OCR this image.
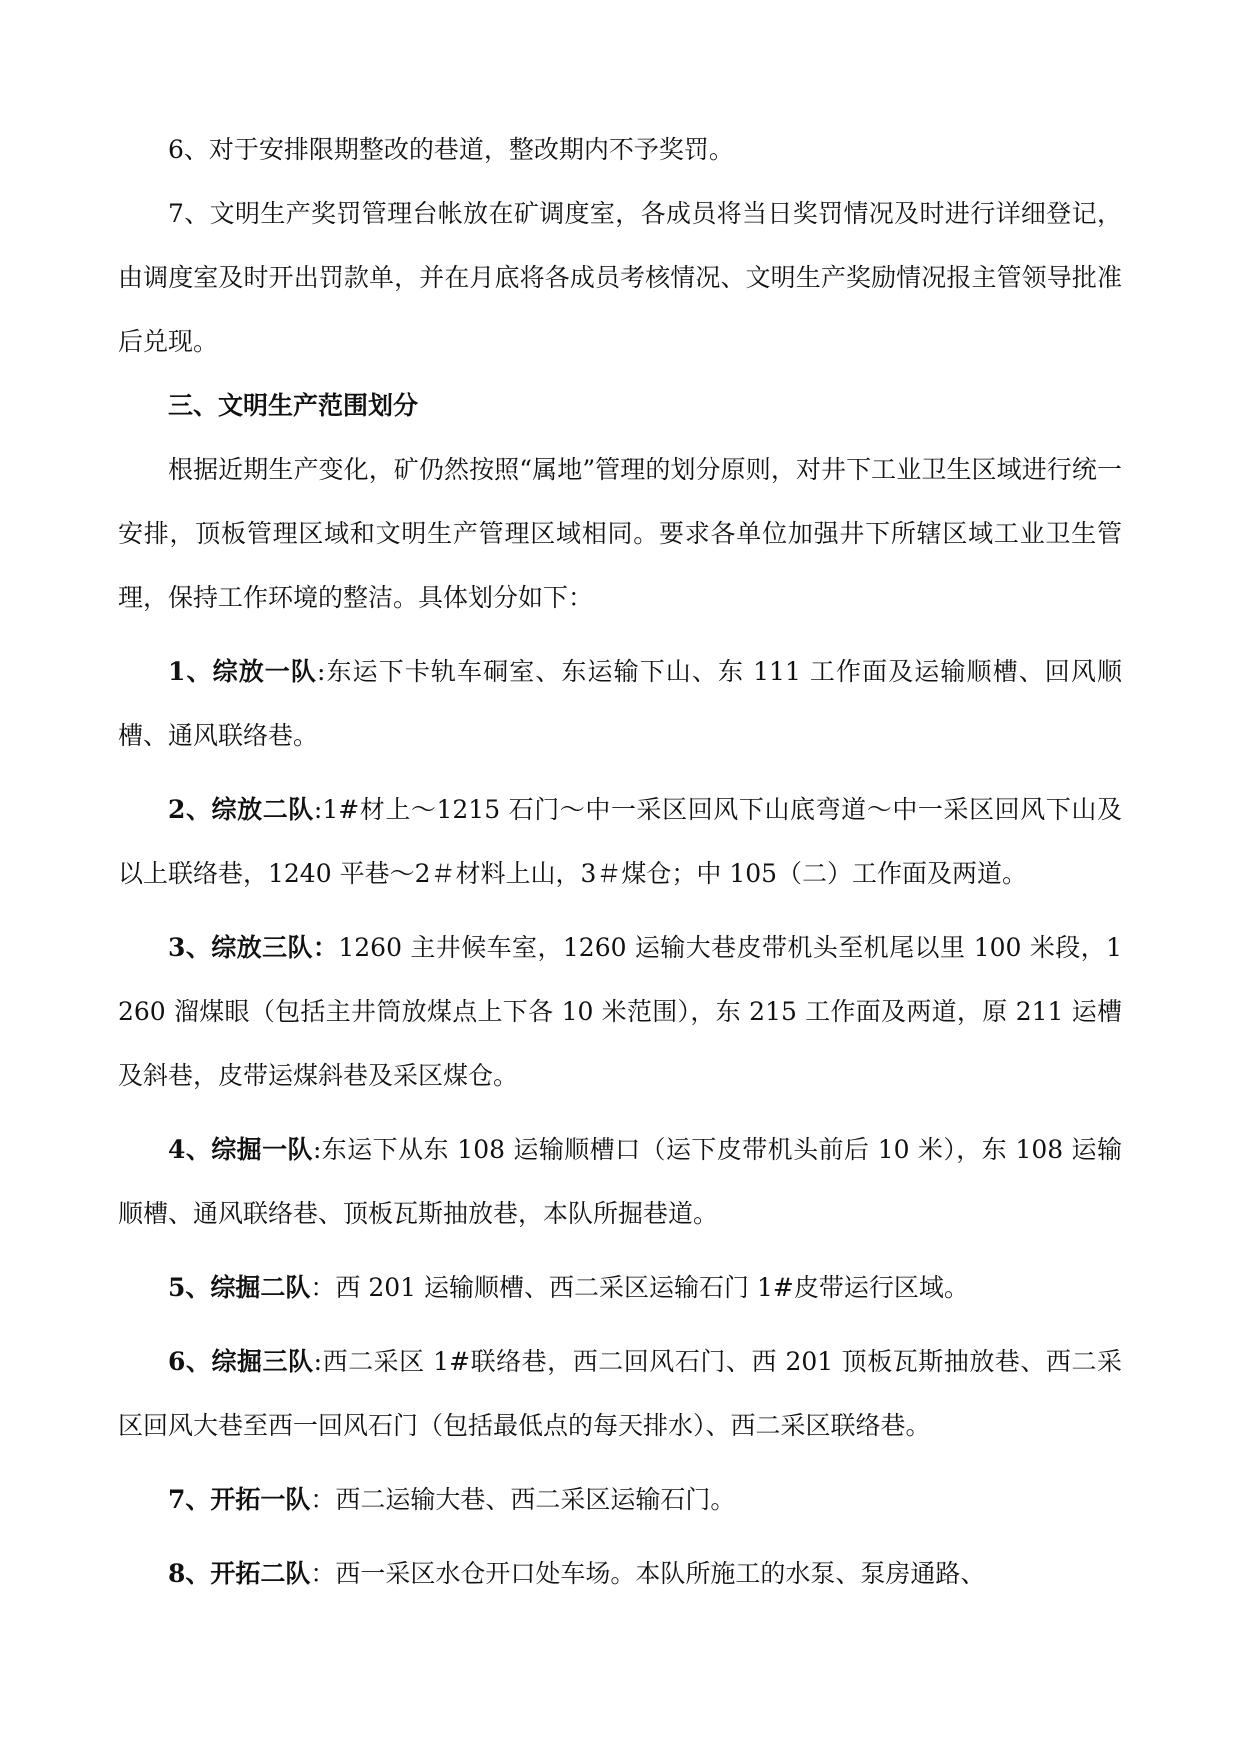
6、对于安排限期整改的巷道，整改期内不予奖罚。

7、文明生产奖罚管理台帐放在矿调度室，各成员将当日奖罚情况及时进行详细登记，由调度室及时开出罚款单，并在月底将各成员考核情况、文明生产奖励情况报主管领导批准后兑现。

三、文明生产范围划分

根据近期生产变化，矿仍然按照“属地”管理的划分原则，对井下工业卫生区域进行统一安排，顶板管理区域和文明生产管理区域相同。要求各单位加强井下所辖区域工业卫生管理，保持工作环境的整洁。具体划分如下：

1、综放一队:东运下卡轨车硐室、东运输下山、东 111 工作面及运输顺槽、回风顺槽、通风联络巷。

2、综放二队:1#材上～1215 石门～中一采区回风下山底弯道～中一采区回风下山及以上联络巷，1240 平巷～2＃材料上山，3＃煤仓；中 105（二）工作面及两道。

3、综放三队：1260 主井候车室，1260 运输大巷皮带机头至机尾以里 100 米段，1260 溜煤眼（包括主井筒放煤点上下各 10 米范围），东 215 工作面及两道，原 211 运槽及斜巷，皮带运煤斜巷及采区煤仓。

4、综掘一队:东运下从东 108 运输顺槽口（运下皮带机头前后 10 米），东 108 运输顺槽、通风联络巷、顶板瓦斯抽放巷，本队所掘巷道。

5、综掘二队：西 201 运输顺槽、西二采区运输石门 1#皮带运行区域。

6、综掘三队:西二采区 1#联络巷，西二回风石门、西 201 顶板瓦斯抽放巷、西二采区回风大巷至西一回风石门（包括最低点的每天排水）、西二采区联络巷。

7、开拓一队：西二运输大巷、西二采区运输石门。

8、开拓二队：西一采区水仓开口处车场。本队所施工的水泵、泵房通路、
